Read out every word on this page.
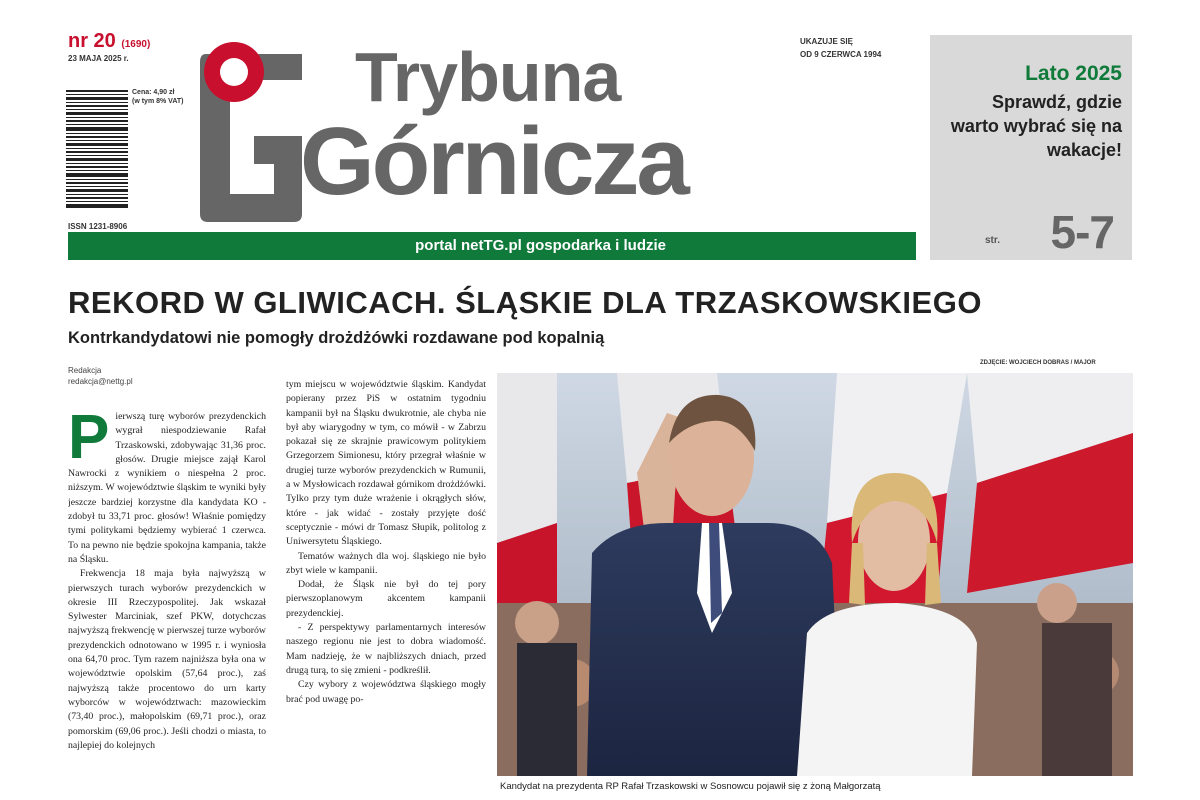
nr 20 (1690)
23 MAJA 2025 r.
Cena: 4,90 zł
(w tym 8% VAT)
ISSN 1231-8906
Trybuna
Górnicza
UKAZUJE SIĘ
OD 9 CZERWCA 1994
portal netTG.pl gospodarka i ludzie
Lato 2025
Sprawdź, gdzie warto wybrać się na wakacje!
str. 5-7
REKORD W GLIWICACH. ŚLĄSKIE DLA TRZASKOWSKIEGO
Kontrkandydatowi nie pomogły drożdżówki rozdawane pod kopalnią
Redakcja
redakcja@nettg.pl
P ierwszą turę wyborów prezydenckich wygrał niespodziewanie Rafał Trzaskowski, zdobywając 31,36 proc. głosów. Drugie miejsce zajął Karol Nawrocki z wynikiem o niespełna 2 proc. niższym. W województwie śląskim te wyniki były jeszcze bardziej korzystne dla kandydata KO - zdobył tu 33,71 proc. głosów! Właśnie pomiędzy tymi politykami będziemy wybierać 1 czerwca. To na pewno nie będzie spokojna kampania, także na Śląsku.

Frekwencja 18 maja była najwyższą w pierwszych turach wyborów prezydenckich w okresie III Rzeczypospolitej. Jak wskazał Sylwester Marciniak, szef PKW, dotychczas najwyższą frekwencję w pierwszej turze wyborów prezydenckich odnotowano w 1995 r. i wyniosła ona 64,70 proc. Tym razem najniższa była ona w województwie opolskim (57,64 proc.), zaś najwyższą także procentowo do urn karty wyborców w województwach: mazowieckim (73,40 proc.), małopolskim (69,71 proc.), oraz pomorskim (69,06 proc.). Jeśli chodzi o miasta, to najlepiej do kolejnych

tym miejscu w województwie śląskim. Kandydat popierany przez PiS w ostatnim tygodniu kampanii był na Śląsku dwukrotnie, ale chyba nie był aby wiarygodny w tym, co mówił - w Zabrzu pokazał się ze skrajnie prawicowym politykiem Grzegorzem Simionesu, który przegrał właśnie w drugiej turze wyborów prezydenckich w Rumunii, a w Mysłowicach rozdawał górnikom drożdżówki. Tylko przy tym duże wrażenie i okrągłych słów, które - jak widać - zostały przyjęte dość sceptycznie - mówi dr Tomasz Słupik, politolog z Uniwersytetu Śląskiego.

Tematów ważnych dla woj. śląskiego nie było zbyt wiele w kampanii.

Dodał, że Śląsk nie był do tej pory pierwszoplanowym akcentem kampanii prezydenckiej.

- Z perspektywy parlamentarnych interesów naszego regionu nie jest to dobra wiadomość. Mam nadzieję, że w najbliższych dniach, przed drugą turą, to się zmieni - podkreślił.

Czy wybory z województwa śląskiego mogły brać pod uwagę po-

ZDJĘCIE: WOJCIECH DOBRAS / MAJOR
Kandydat na prezydenta RP Rafał Trzaskowski w Sosnowcu pojawił się z żoną Małgorzatą
